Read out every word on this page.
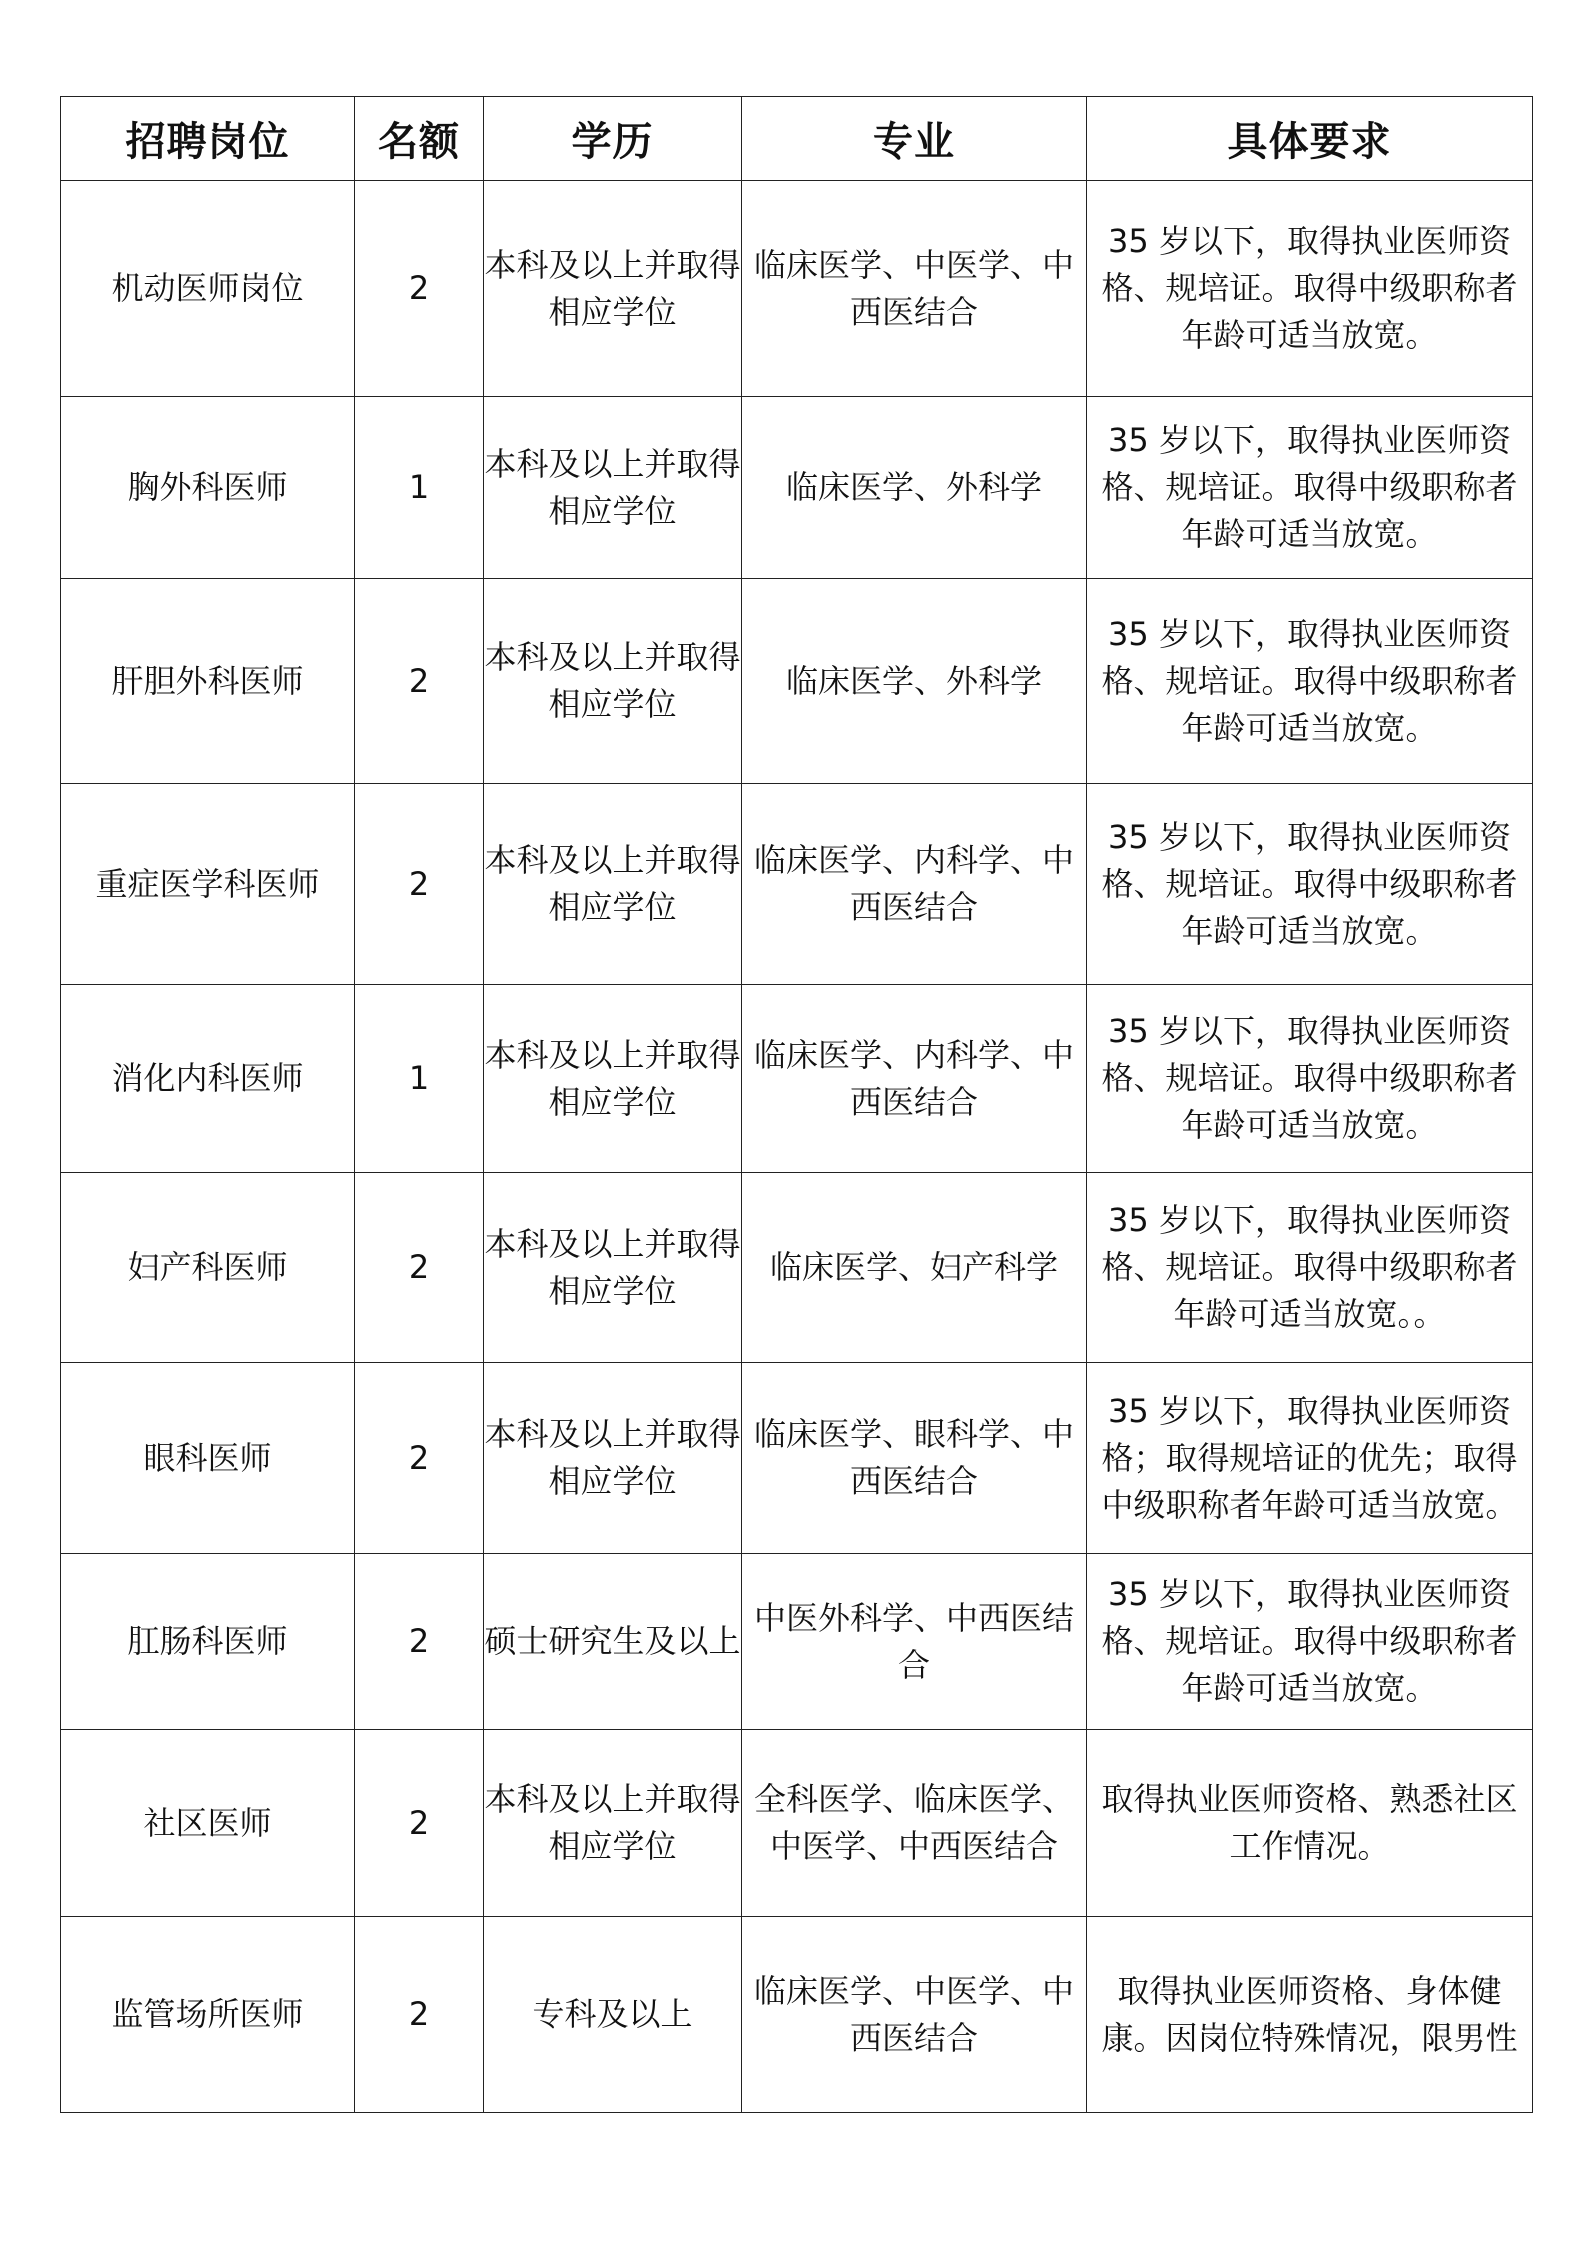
招聘岗位	名额	学历	专业	具体要求
机动医师岗位	2	本科及以上并取得相应学位	临床医学、中医学、中西医结合	35 岁以下，取得执业医师资格、规培证。取得中级职称者年龄可适当放宽。
胸外科医师	1	本科及以上并取得相应学位	临床医学、外科学	35 岁以下，取得执业医师资格、规培证。取得中级职称者年龄可适当放宽。
肝胆外科医师	2	本科及以上并取得相应学位	临床医学、外科学	35 岁以下，取得执业医师资格、规培证。取得中级职称者年龄可适当放宽。
重症医学科医师	2	本科及以上并取得相应学位	临床医学、内科学、中西医结合	35 岁以下，取得执业医师资格、规培证。取得中级职称者年龄可适当放宽。
消化内科医师	1	本科及以上并取得相应学位	临床医学、内科学、中西医结合	35 岁以下，取得执业医师资格、规培证。取得中级职称者年龄可适当放宽。
妇产科医师	2	本科及以上并取得相应学位	临床医学、妇产科学	35 岁以下，取得执业医师资格、规培证。取得中级职称者年龄可适当放宽。。
眼科医师	2	本科及以上并取得相应学位	临床医学、眼科学、中西医结合	35 岁以下，取得执业医师资格；取得规培证的优先；取得中级职称者年龄可适当放宽。
肛肠科医师	2	硕士研究生及以上	中医外科学、中西医结合	35 岁以下，取得执业医师资格、规培证。取得中级职称者年龄可适当放宽。
社区医师	2	本科及以上并取得相应学位	全科医学、临床医学、中医学、中西医结合	取得执业医师资格、熟悉社区工作情况。
监管场所医师	2	专科及以上	临床医学、中医学、中西医结合	取得执业医师资格、身体健康。因岗位特殊情况，限男性
